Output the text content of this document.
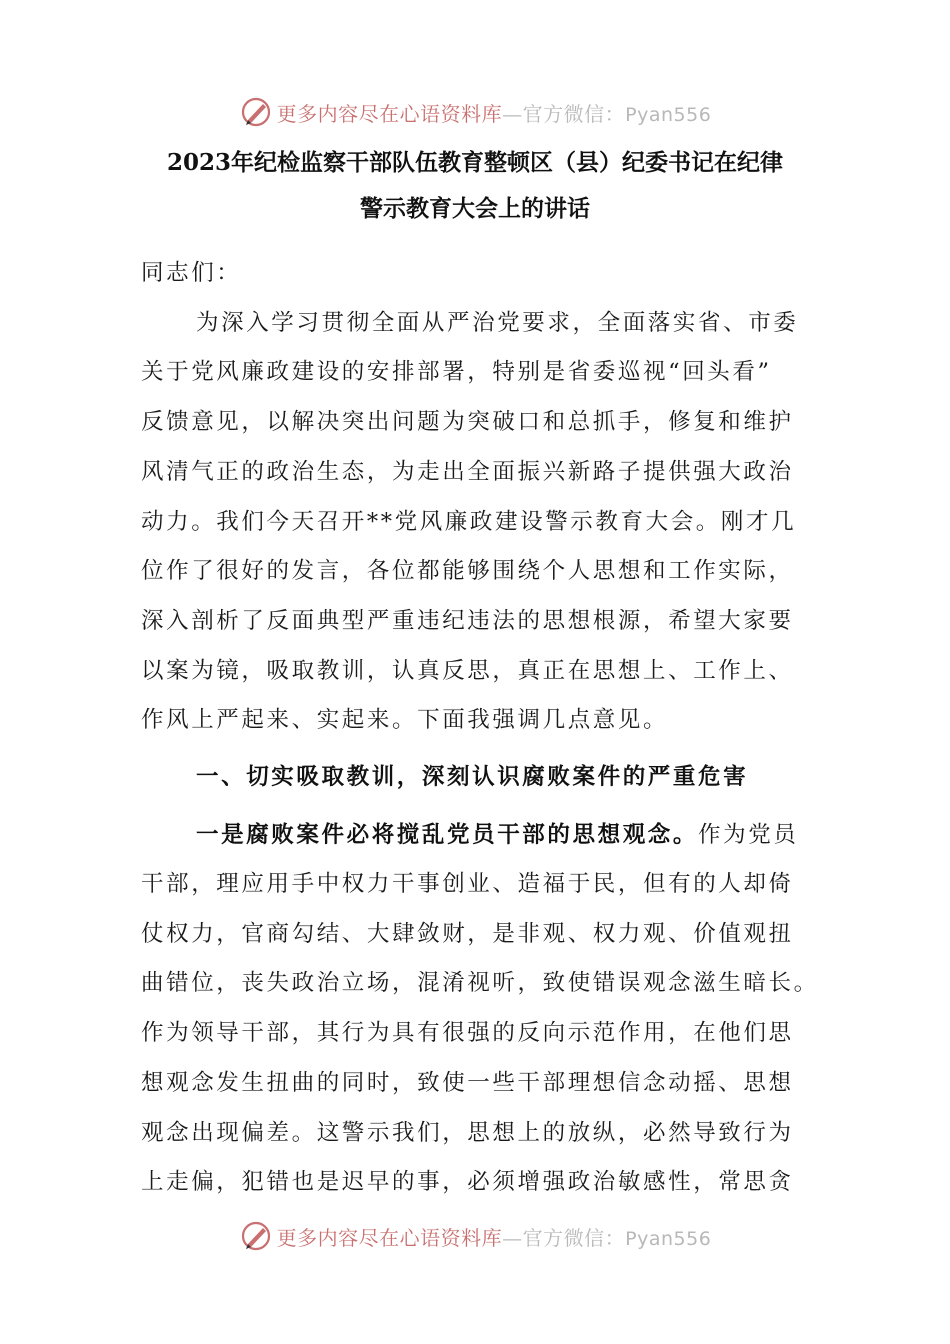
更多内容尽在心语资料库—官方微信：Pyan556
2023年纪检监察干部队伍教育整顿区（县）纪委书记在纪律
警示教育大会上的讲话
同志们：
为深入学习贯彻全面从严治党要求，全面落实省、市委
关于党风廉政建设的安排部署，特别是省委巡视“回头看”
反馈意见，以解决突出问题为突破口和总抓手，修复和维护
风清气正的政治生态，为走出全面振兴新路子提供强大政治
动力。我们今天召开**党风廉政建设警示教育大会。刚才几
位作了很好的发言，各位都能够围绕个人思想和工作实际，
深入剖析了反面典型严重违纪违法的思想根源，希望大家要
以案为镜，吸取教训，认真反思，真正在思想上、工作上、
作风上严起来、实起来。下面我强调几点意见。
一、切实吸取教训，深刻认识腐败案件的严重危害
一是腐败案件必将搅乱党员干部的思想观念。作为党员
干部，理应用手中权力干事创业、造福于民，但有的人却倚
仗权力，官商勾结、大肆敛财，是非观、权力观、价值观扭
曲错位，丧失政治立场，混淆视听，致使错误观念滋生暗长。
作为领导干部，其行为具有很强的反向示范作用，在他们思
想观念发生扭曲的同时，致使一些干部理想信念动摇、思想
观念出现偏差。这警示我们，思想上的放纵，必然导致行为
上走偏，犯错也是迟早的事，必须增强政治敏感性，常思贪
更多内容尽在心语资料库—官方微信：Pyan556
